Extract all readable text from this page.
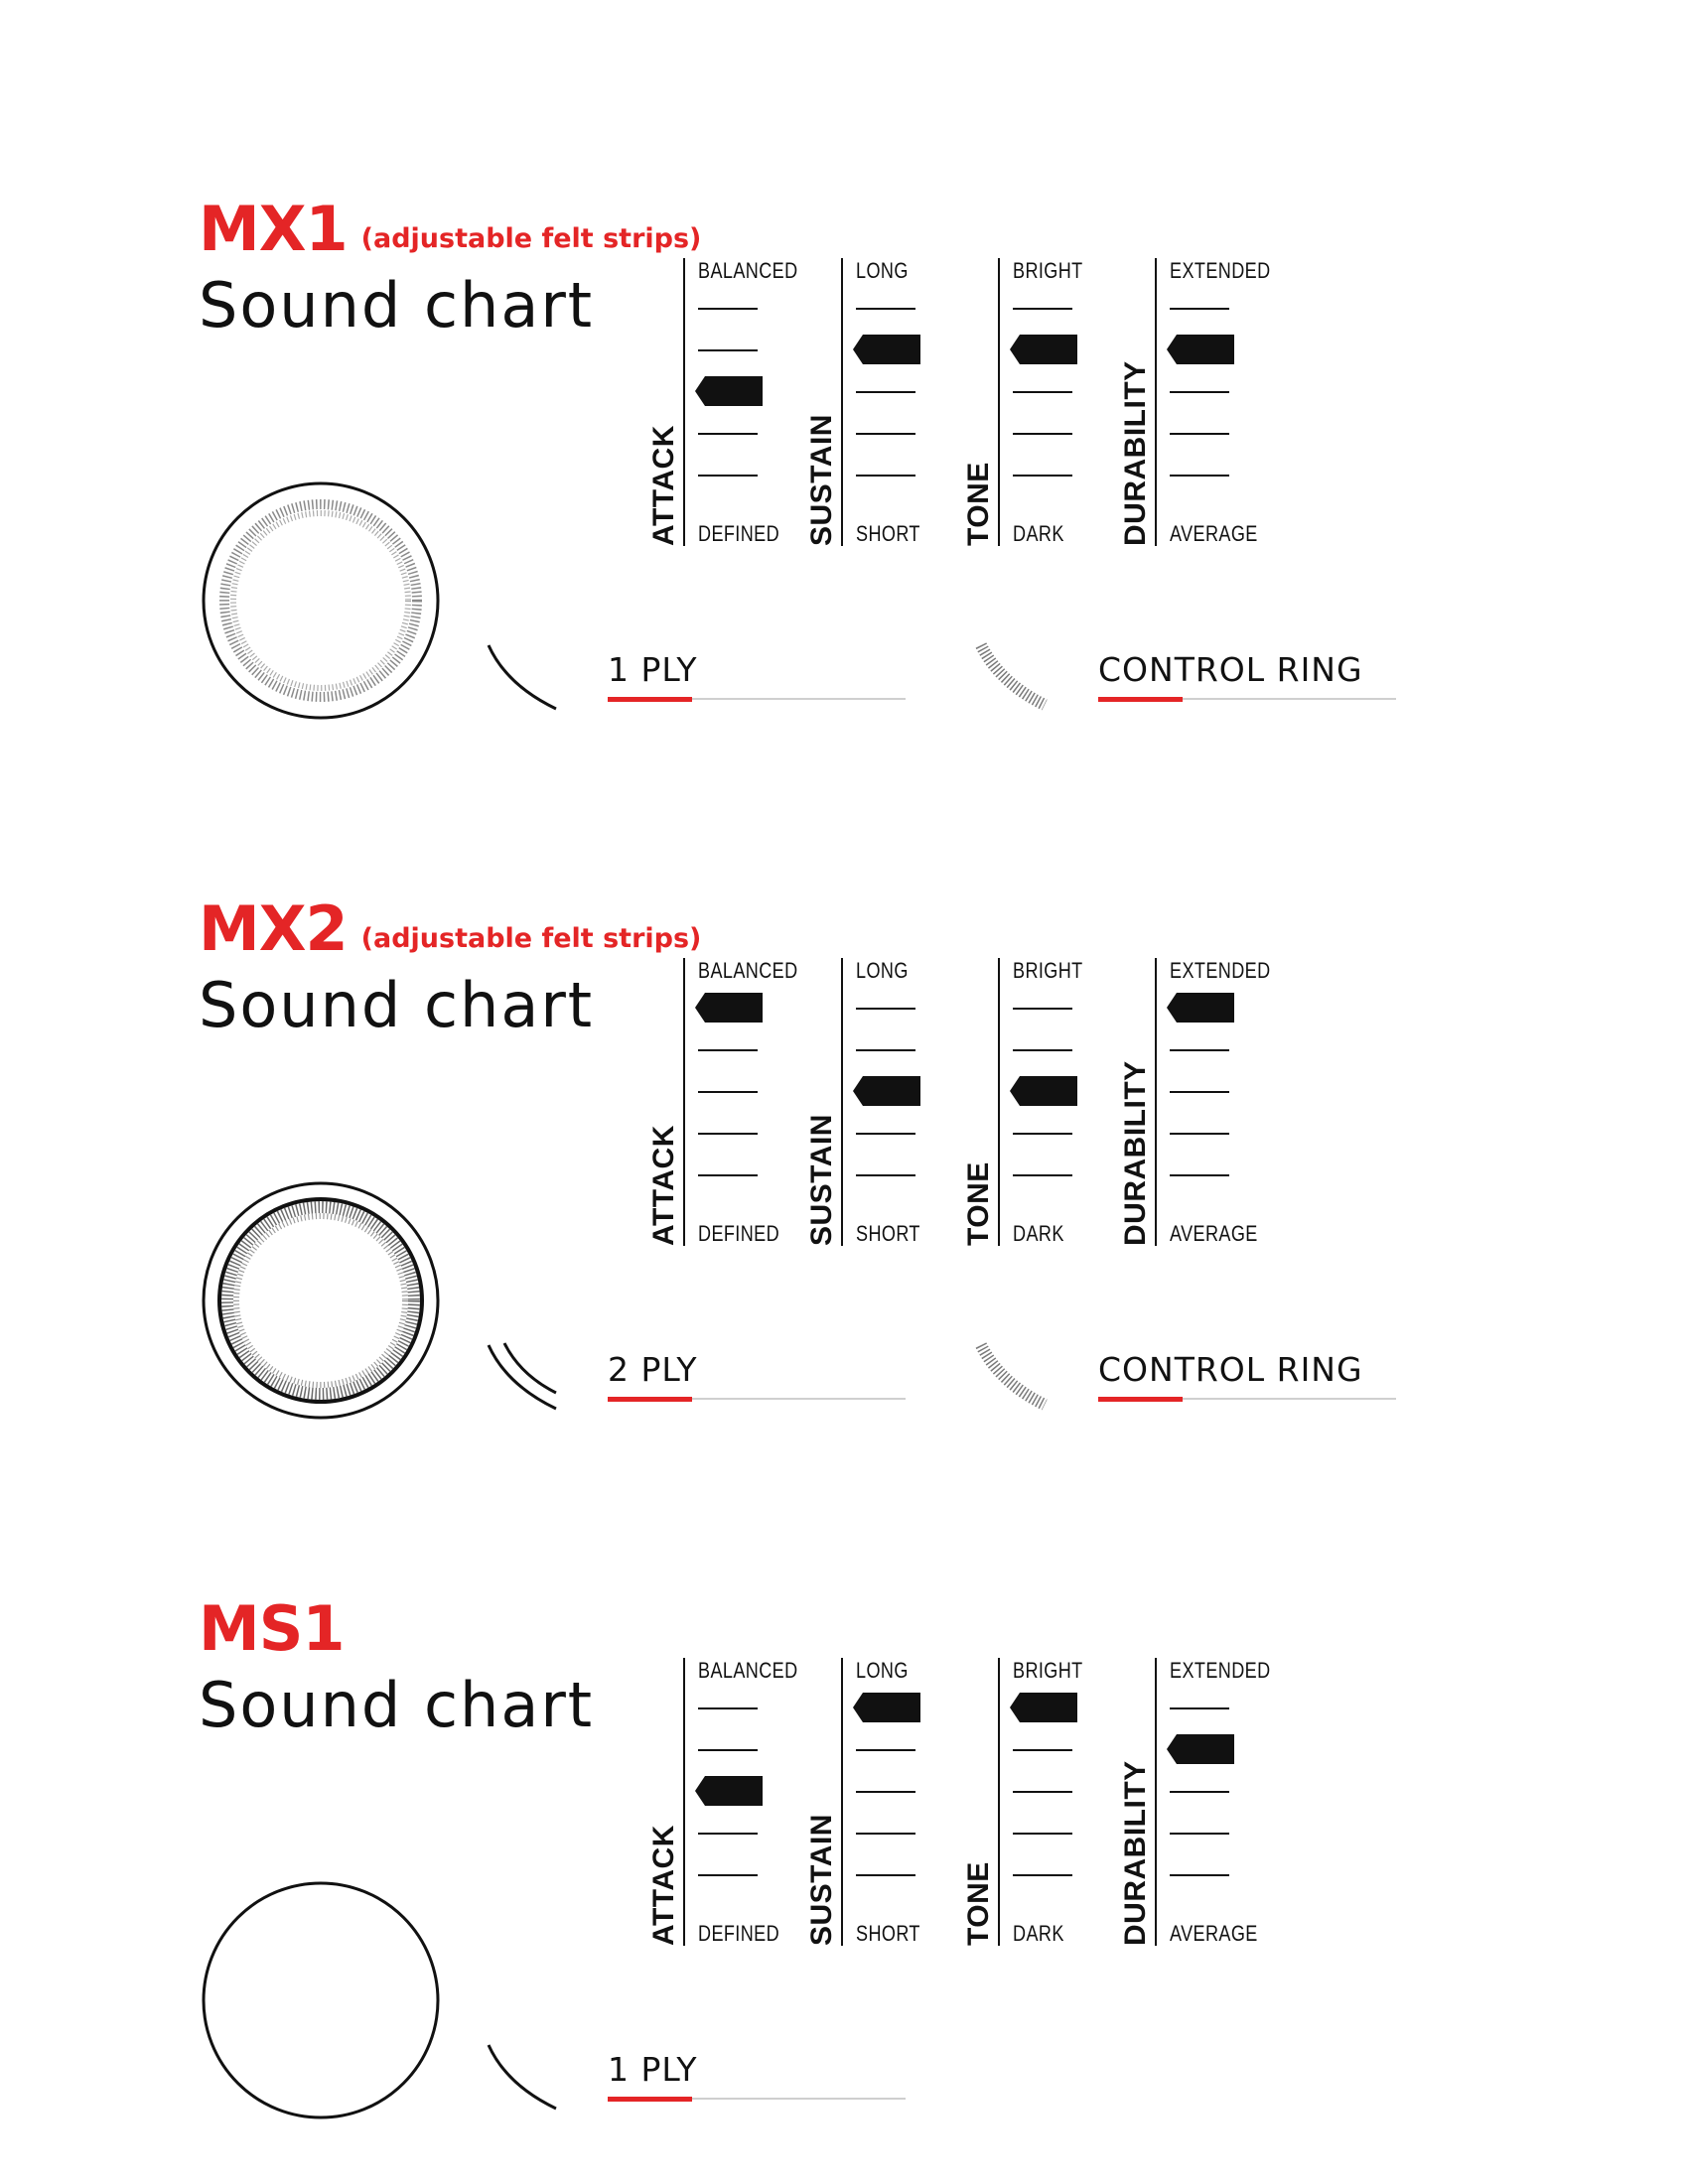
MX1 (adjustable felt strips)
Sound chart	BALANCED
DEFINED
ATTACK
LONG
SHORT
SUSTAIN
BRIGHT
DARK
TONE
EXTENDED
AVERAGE
DURABILITY
1 PLY	CONTROL RING
MX2 (adjustable felt strips)
Sound chart	BALANCED
DEFINED
ATTACK
LONG
SHORT
SUSTAIN
BRIGHT
DARK
TONE
EXTENDED
AVERAGE
DURABILITY
2 PLY	CONTROL RING
MS1
Sound chart	BALANCED
DEFINED
ATTACK
LONG
SHORT
SUSTAIN
BRIGHT
DARK
TONE
EXTENDED
AVERAGE
DURABILITY
1 PLY
